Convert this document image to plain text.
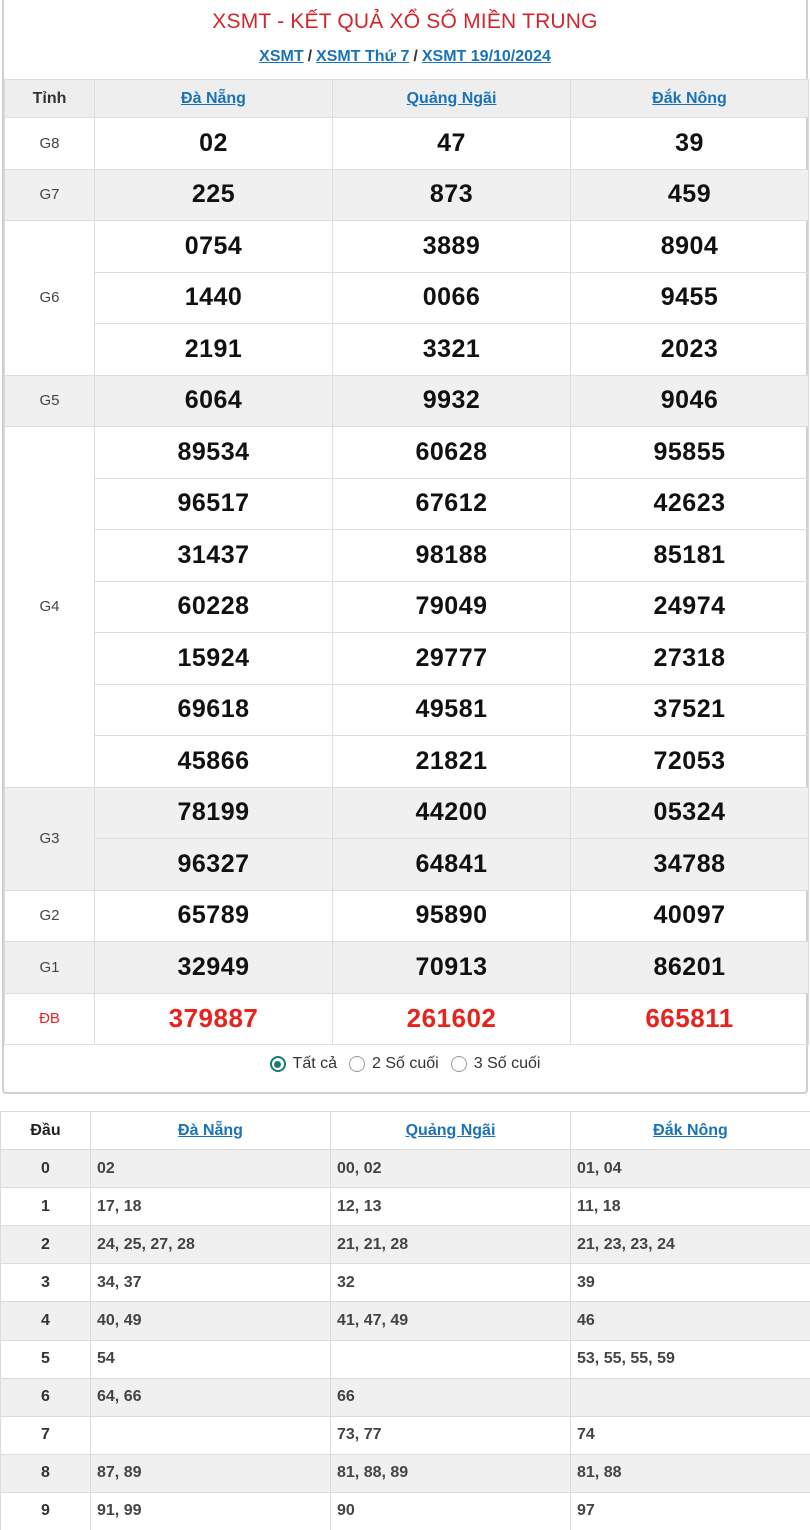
XSMT - KẾT QUẢ XỔ SỐ MIỀN TRUNG
XSMT / XSMT Thứ 7 / XSMT 19/10/2024
Tỉnh	Đà Nẵng	Quảng Ngãi	Đắk Nông
G8	02	47	39
G7	225	873	459
G6	0754	3889	8904
	1440	0066	9455
	2191	3321	2023
G5	6064	9932	9046
G4	89534	60628	95855
	96517	67612	42623
	31437	98188	85181
	60228	79049	24974
	15924	29777	27318
	69618	49581	37521
	45866	21821	72053
G3	78199	44200	05324
	96327	64841	34788
G2	65789	95890	40097
G1	32949	70913	86201
ĐB	379887	261602	665811
Tất cả 2 Số cuối 3 Số cuối
Đầu	Đà Nẵng	Quảng Ngãi	Đắk Nông
0	02	00, 02	01, 04
1	17, 18	12, 13	11, 18
2	24, 25, 27, 28	21, 21, 28	21, 23, 23, 24
3	34, 37	32	39
4	40, 49	41, 47, 49	46
5	54		53, 55, 55, 59
6	64, 66	66	
7		73, 77	74
8	87, 89	81, 88, 89	81, 88
9	91, 99	90	97
